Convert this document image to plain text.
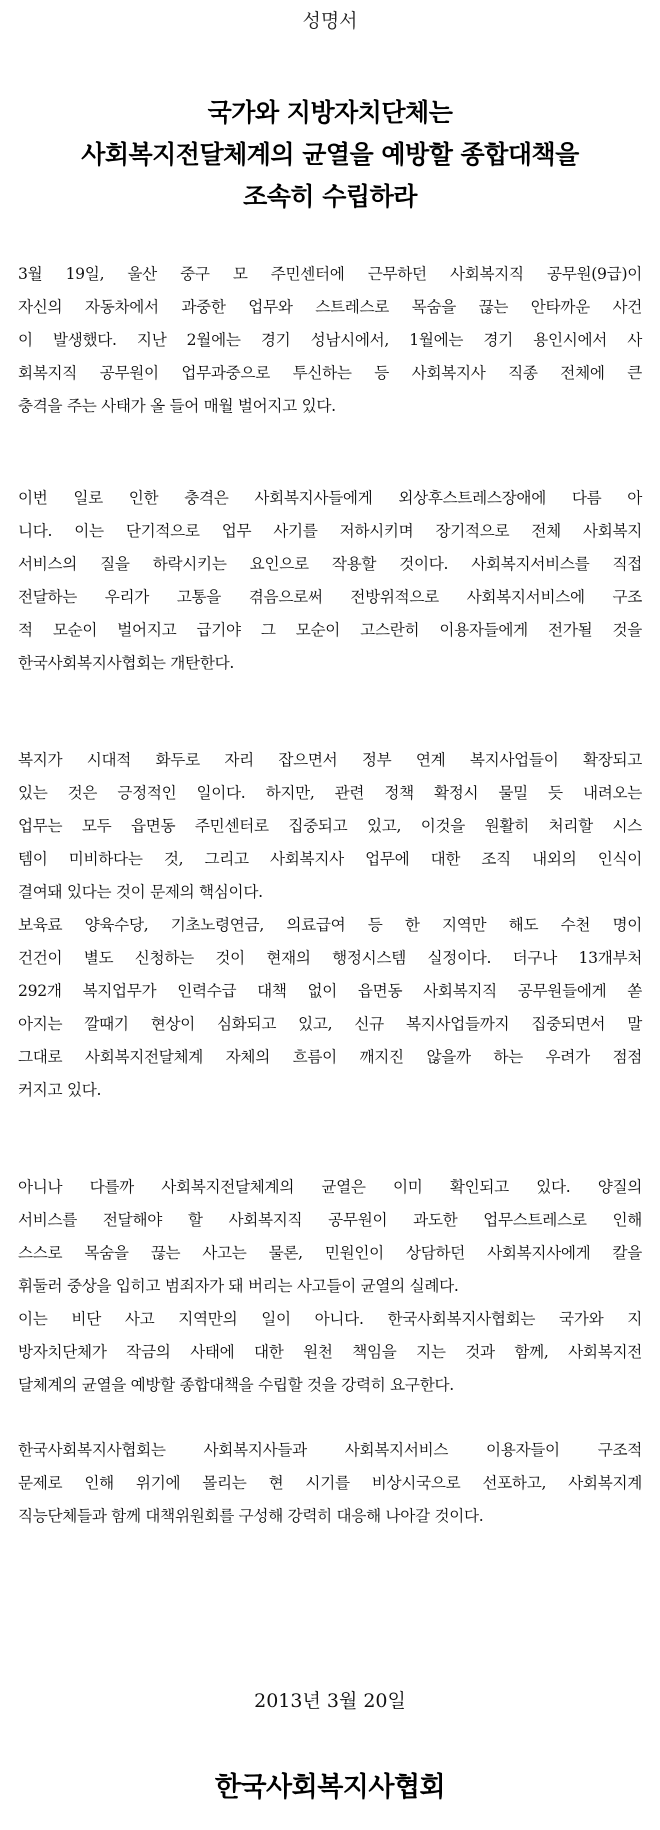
성명서
국가와 지방자치단체는
사회복지전달체계의 균열을 예방할 종합대책을
조속히 수립하라
3월 19일, 울산 중구 모 주민센터에 근무하던 사회복지직 공무원(9급)이
자신의 자동차에서 과중한 업무와 스트레스로 목숨을 끊는 안타까운 사건
이 발생했다. 지난 2월에는 경기 성남시에서, 1월에는 경기 용인시에서 사
회복지직 공무원이 업무과중으로 투신하는 등 사회복지사 직종 전체에 큰
충격을 주는 사태가 올 들어 매월 벌어지고 있다.
이번 일로 인한 충격은 사회복지사들에게 외상후스트레스장애에 다름 아
니다. 이는 단기적으로 업무 사기를 저하시키며 장기적으로 전체 사회복지
서비스의 질을 하락시키는 요인으로 작용할 것이다. 사회복지서비스를 직접
전달하는 우리가 고통을 겪음으로써 전방위적으로 사회복지서비스에 구조
적 모순이 벌어지고 급기야 그 모순이 고스란히 이용자들에게 전가될 것을
한국사회복지사협회는 개탄한다.
복지가 시대적 화두로 자리 잡으면서 정부 연계 복지사업들이 확장되고
있는 것은 긍정적인 일이다. 하지만, 관련 정책 확정시 물밀 듯 내려오는
업무는 모두 읍면동 주민센터로 집중되고 있고, 이것을 원활히 처리할 시스
템이 미비하다는 것, 그리고 사회복지사 업무에 대한 조직 내외의 인식이
결여돼 있다는 것이 문제의 핵심이다.
보육료 양육수당, 기초노령연금, 의료급여 등 한 지역만 해도 수천 명이
건건이 별도 신청하는 것이 현재의 행정시스템 실정이다. 더구나 13개부처
292개 복지업무가 인력수급 대책 없이 읍면동 사회복지직 공무원들에게 쏟
아지는 깔때기 현상이 심화되고 있고, 신규 복지사업들까지 집중되면서 말
그대로 사회복지전달체계 자체의 흐름이 깨지진 않을까 하는 우려가 점점
커지고 있다.
아니나 다를까 사회복지전달체계의 균열은 이미 확인되고 있다. 양질의
서비스를 전달해야 할 사회복지직 공무원이 과도한 업무스트레스로 인해
스스로 목숨을 끊는 사고는 물론, 민원인이 상담하던 사회복지사에게 칼을
휘둘러 중상을 입히고 범죄자가 돼 버리는 사고들이 균열의 실례다.
이는 비단 사고 지역만의 일이 아니다. 한국사회복지사협회는 국가와 지
방자치단체가 작금의 사태에 대한 원천 책임을 지는 것과 함께, 사회복지전
달체계의 균열을 예방할 종합대책을 수립할 것을 강력히 요구한다.
한국사회복지사협회는 사회복지사들과 사회복지서비스 이용자들이 구조적
문제로 인해 위기에 몰리는 현 시기를 비상시국으로 선포하고, 사회복지계
직능단체들과 함께 대책위원회를 구성해 강력히 대응해 나아갈 것이다.
2013년 3월 20일
한국사회복지사협회
